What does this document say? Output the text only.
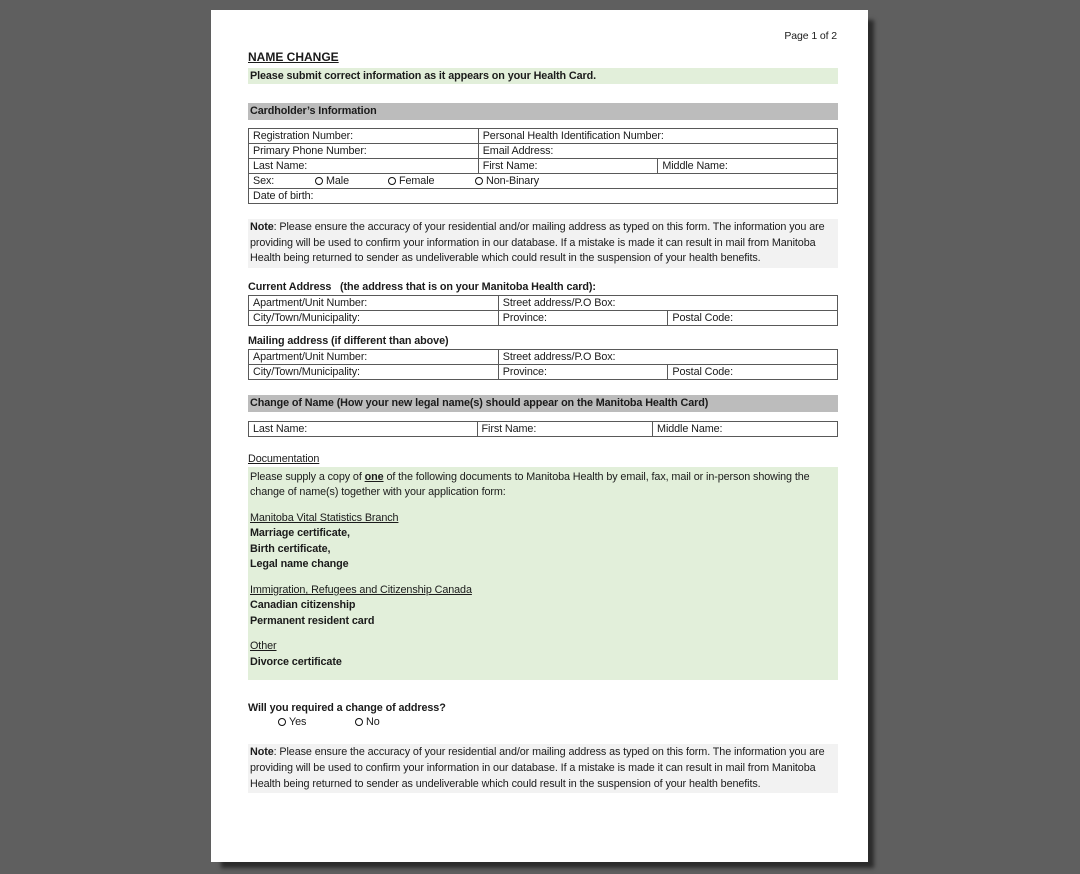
Page 1 of 2
NAME CHANGE
Please submit correct information as it appears on your Health Card.
Cardholder’s Information
Registration Number:	Personal Health Identification Number:	
Primary Phone Number:	Email Address:	
Last Name:	First Name:	Middle Name:

Sex: Male Female Non-Binary		

Date of birth:		

Note: Please ensure the accuracy of your residential and/or mailing address as typed on this form. The information you are providing will be used to confirm your information in our database. If a mistake is made it can result in mail from Manitoba Health being returned to sender as undeliverable which could result in the suspension of your health benefits.

Current Address   (the address that is on your Manitoba Health card):
Apartment/Unit Number:	Street address/P.O Box:	
City/Town/Municipality:	Province:	Postal Code:
Mailing address (if different than above)
Apartment/Unit Number:	Street address/P.O Box:	
City/Town/Municipality:	Province:	Postal Code:
Change of Name (How your new legal name(s) should appear on the Manitoba Health Card)
Last Name:	First Name:	Middle Name:
Documentation

Please supply a copy of one of the following documents to Manitoba Health by email, fax, mail or in-person showing the change of name(s) together with your application form:

Manitoba Vital Statistics Branch
Marriage certificate,
Birth certificate,
Legal name change
Immigration, Refugees and Citizenship Canada
Canadian citizenship
Permanent resident card
Other
Divorce certificate
Will you required a change of address?
Yes	No

Note: Please ensure the accuracy of your residential and/or mailing address as typed on this form. The information you are providing will be used to confirm your information in our database. If a mistake is made it can result in mail from Manitoba Health being returned to sender as undeliverable which could result in the suspension of your health benefits.
